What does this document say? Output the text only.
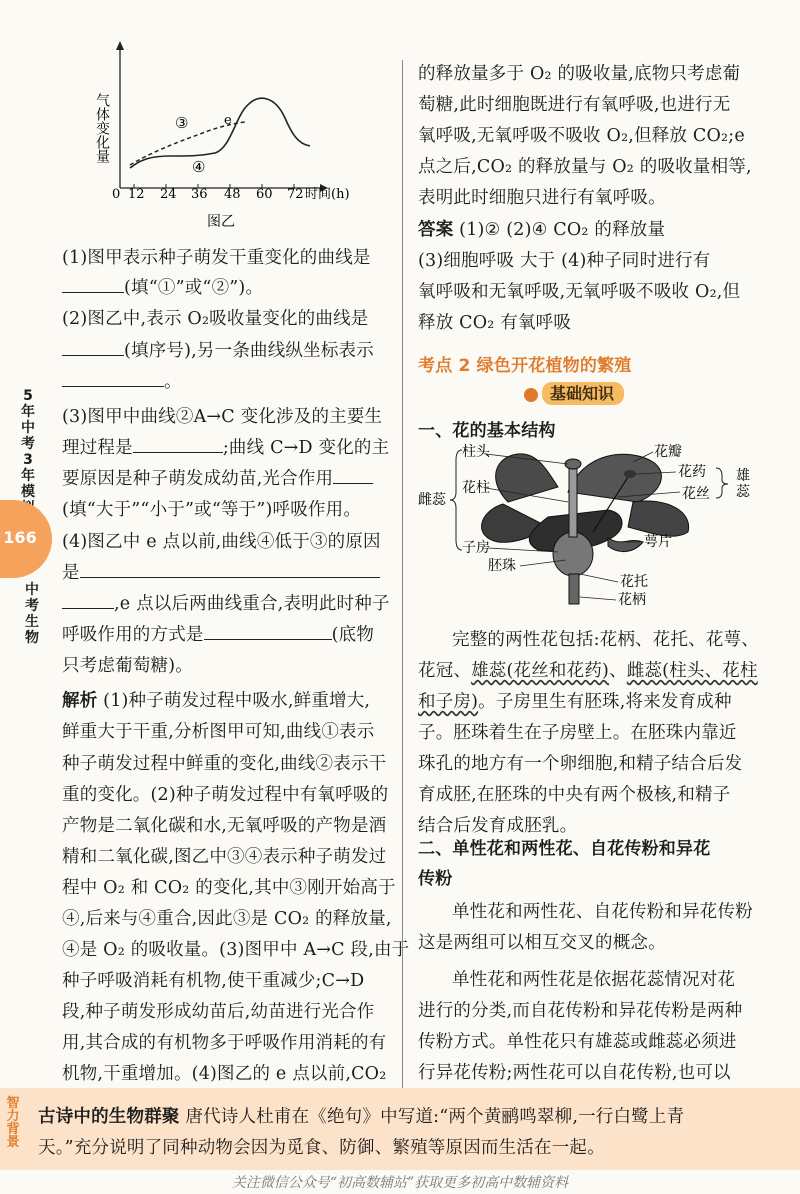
气体变化量
0 12 24 36 48 60 72 时间(h)
③
④
e
图乙
(1)图甲表示种子萌发干重变化的曲线是
(填“①”或“②”)。
(2)图乙中,表示 O₂吸收量变化的曲线是
(填序号),另一条曲线纵坐标表示
。
(3)图甲中曲线②A→C 变化涉及的主要生
理过程是	;曲线 C→D 变化的主
要原因是种子萌发成幼苗,光合作用
(填“大于”“小于”或“等于”)呼吸作用。
(4)图乙中 e 点以前,曲线④低于③的原因
是
,e 点以后两曲线重合,表明此时种子
呼吸作用的方式是	(底物
只考虑葡萄糖)。
解析 (1)种子萌发过程中吸水,鲜重增大,
鲜重大于干重,分析图甲可知,曲线①表示
种子萌发过程中鲜重的变化,曲线②表示干
重的变化。(2)种子萌发过程中有氧呼吸的
产物是二氧化碳和水,无氧呼吸的产物是酒
精和二氧化碳,图乙中③④表示种子萌发过
程中 O₂ 和 CO₂ 的变化,其中③刚开始高于
④,后来与④重合,因此③是 CO₂ 的释放量,
④是 O₂ 的吸收量。(3)图甲中 A→C 段,由于
种子呼吸消耗有机物,使干重减少;C→D
段,种子萌发形成幼苗后,幼苗进行光合作
用,其合成的有机物多于呼吸作用消耗的有
机物,干重增加。(4)图乙的 e 点以前,CO₂
5
年
中
考
3
年
模
166
中
考
生
物
的释放量多于 O₂ 的吸收量,底物只考虑葡
萄糖,此时细胞既进行有氧呼吸,也进行无
氧呼吸,无氧呼吸不吸收 O₂,但释放 CO₂;e
点之后,CO₂ 的释放量与 O₂ 的吸收量相等,
表明此时细胞只进行有氧呼吸。
答案 (1)② (2)④ CO₂ 的释放量
(3)细胞呼吸 大于 (4)种子同时进行有
氧呼吸和无氧呼吸,无氧呼吸不吸收 O₂,但
释放 CO₂ 有氧呼吸
考点 2 绿色开花植物的繁殖
基础知识
一、花的基本结构
柱头
花柱
雌蕊
子房
胚珠
花瓣
花药
花丝
雄
蕊
萼片
花托
花柄
完整的两性花包括:花柄、花托、花萼、
花冠、雄蕊(花丝和花药)、雌蕊(柱头、花柱
和子房)。子房里生有胚珠,将来发育成种
子。胚珠着生在子房壁上。在胚珠内靠近
珠孔的地方有一个卵细胞,和精子结合后发
育成胚,在胚珠的中央有两个极核,和精子
结合后发育成胚乳。
二、单性花和两性花、自花传粉和异花
传粉
单性花和两性花、自花传粉和异花传粉
这是两组可以相互交叉的概念。
单性花和两性花是依据花蕊情况对花
进行的分类,而自花传粉和异花传粉是两种
传粉方式。单性花只有雄蕊或雌蕊必须进
行异花传粉;两性花可以自花传粉,也可以
智
力
背
景
古诗中的生物群聚 唐代诗人杜甫在《绝句》中写道:“两个黄鹂鸣翠柳,一行白鹭上青
天。”充分说明了同种动物会因为觅食、防御、繁殖等原因而生活在一起。
关注微信公众号“初高数辅站”获取更多初高中数辅资料
